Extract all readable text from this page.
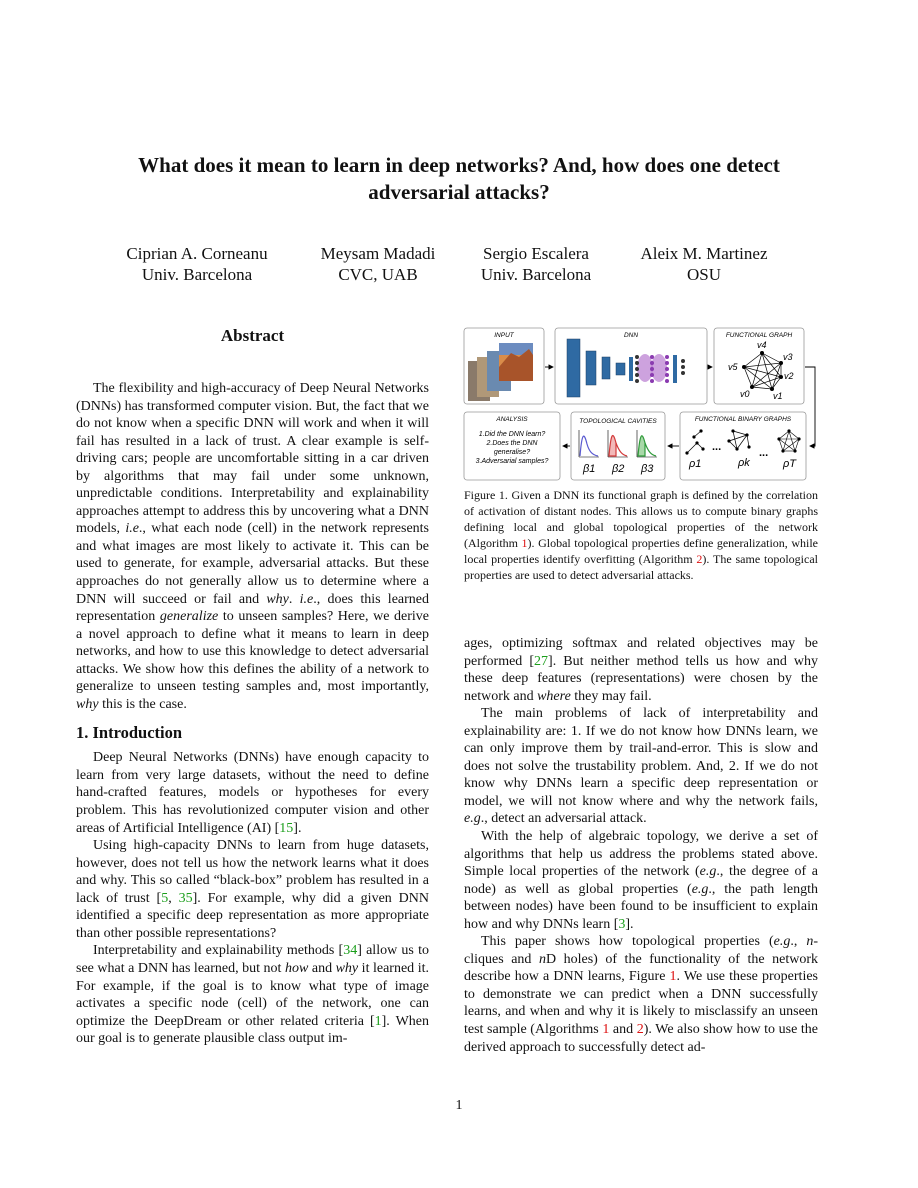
What does it mean to learn in deep networks? And, how does one detect adversarial attacks?
Ciprian A. Corneanu
Univ. Barcelona
Meysam Madadi
CVC, UAB
Sergio Escalera
Univ. Barcelona
Aleix M. Martinez
OSU
Abstract

The flexibility and high-accuracy of Deep Neural Networks (DNNs) has transformed computer vision. But, the fact that we do not know when a specific DNN will work and when it will fail has resulted in a lack of trust. A clear example is self-driving cars; people are uncomfortable sitting in a car driven by algorithms that may fail under some unknown, unpredictable conditions. Interpretability and explainability approaches attempt to address this by uncovering what a DNN models, i.e., what each node (cell) in the network represents and what images are most likely to activate it. This can be used to generate, for example, adversarial attacks. But these approaches do not generally allow us to determine where a DNN will succeed or fail and why. i.e., does this learned representation generalize to unseen samples? Here, we derive a novel approach to define what it means to learn in deep networks, and how to use this knowledge to detect adversarial attacks. We show how this defines the ability of a network to generalize to unseen testing samples and, most importantly, why this is the case.

1. Introduction

Deep Neural Networks (DNNs) have enough capacity to learn from very large datasets, without the need to define hand-crafted features, models or hypotheses for every problem. This has revolutionized computer vision and other areas of Artificial Intelligence (AI) [15].

Using high-capacity DNNs to learn from huge datasets, however, does not tell us how the network learns what it does and why. This so called “black-box” problem has resulted in a lack of trust [5, 35]. For example, why did a given DNN identified a specific deep representation as more appropriate than other possible representations?

Interpretability and explainability methods [34] allow us to see what a DNN has learned, but not how and why it learned it. For example, if the goal is to know what type of image activates a specific node (cell) of the network, one can optimize the DeepDream or other related criteria [1]. When our goal is to generate plausible class output im-

INPUT	DNN	FUNCTIONAL GRAPH
v4
v3
v5
v2
v0	v1
ANALYSIS
1.Did the DNN learn?
2.Does the DNN
generalise?
3.Adversarial samples?
TOPOLOGICAL CAVITIES
β1 β2 β3
FUNCTIONAL BINARY GRAPHS
...	...
ρ1	ρk	ρT
Figure 1. Given a DNN its functional graph is defined by the correlation of activation of distant nodes. This allows us to compute binary graphs defining local and global topological properties of the network (Algorithm 1). Global topological properties define generalization, while local properties identify overfitting (Algorithm 2). The same topological properties are used to detect adversarial attacks.

ages, optimizing softmax and related objectives may be performed [27]. But neither method tells us how and why these deep features (representations) were chosen by the network and where they may fail.

The main problems of lack of interpretability and explainability are: 1. If we do not know how DNNs learn, we can only improve them by trail-and-error. This is slow and does not solve the trustability problem. And, 2. If we do not know why DNNs learn a specific deep representation or model, we will not know where and why the network fails, e.g., detect an adversarial attack.

With the help of algebraic topology, we derive a set of algorithms that help us address the problems stated above. Simple local properties of the network (e.g., the degree of a node) as well as global properties (e.g., the path length between nodes) have been found to be insufficient to explain how and why DNNs learn [3].

This paper shows how topological properties (e.g., n-cliques and nD holes) of the functionality of the network describe how a DNN learns, Figure 1. We use these properties to demonstrate we can predict when a DNN successfully learns, and when and why it is likely to misclassify an unseen test sample (Algorithms 1 and 2). We also show how to use the derived approach to successfully detect ad-

1
